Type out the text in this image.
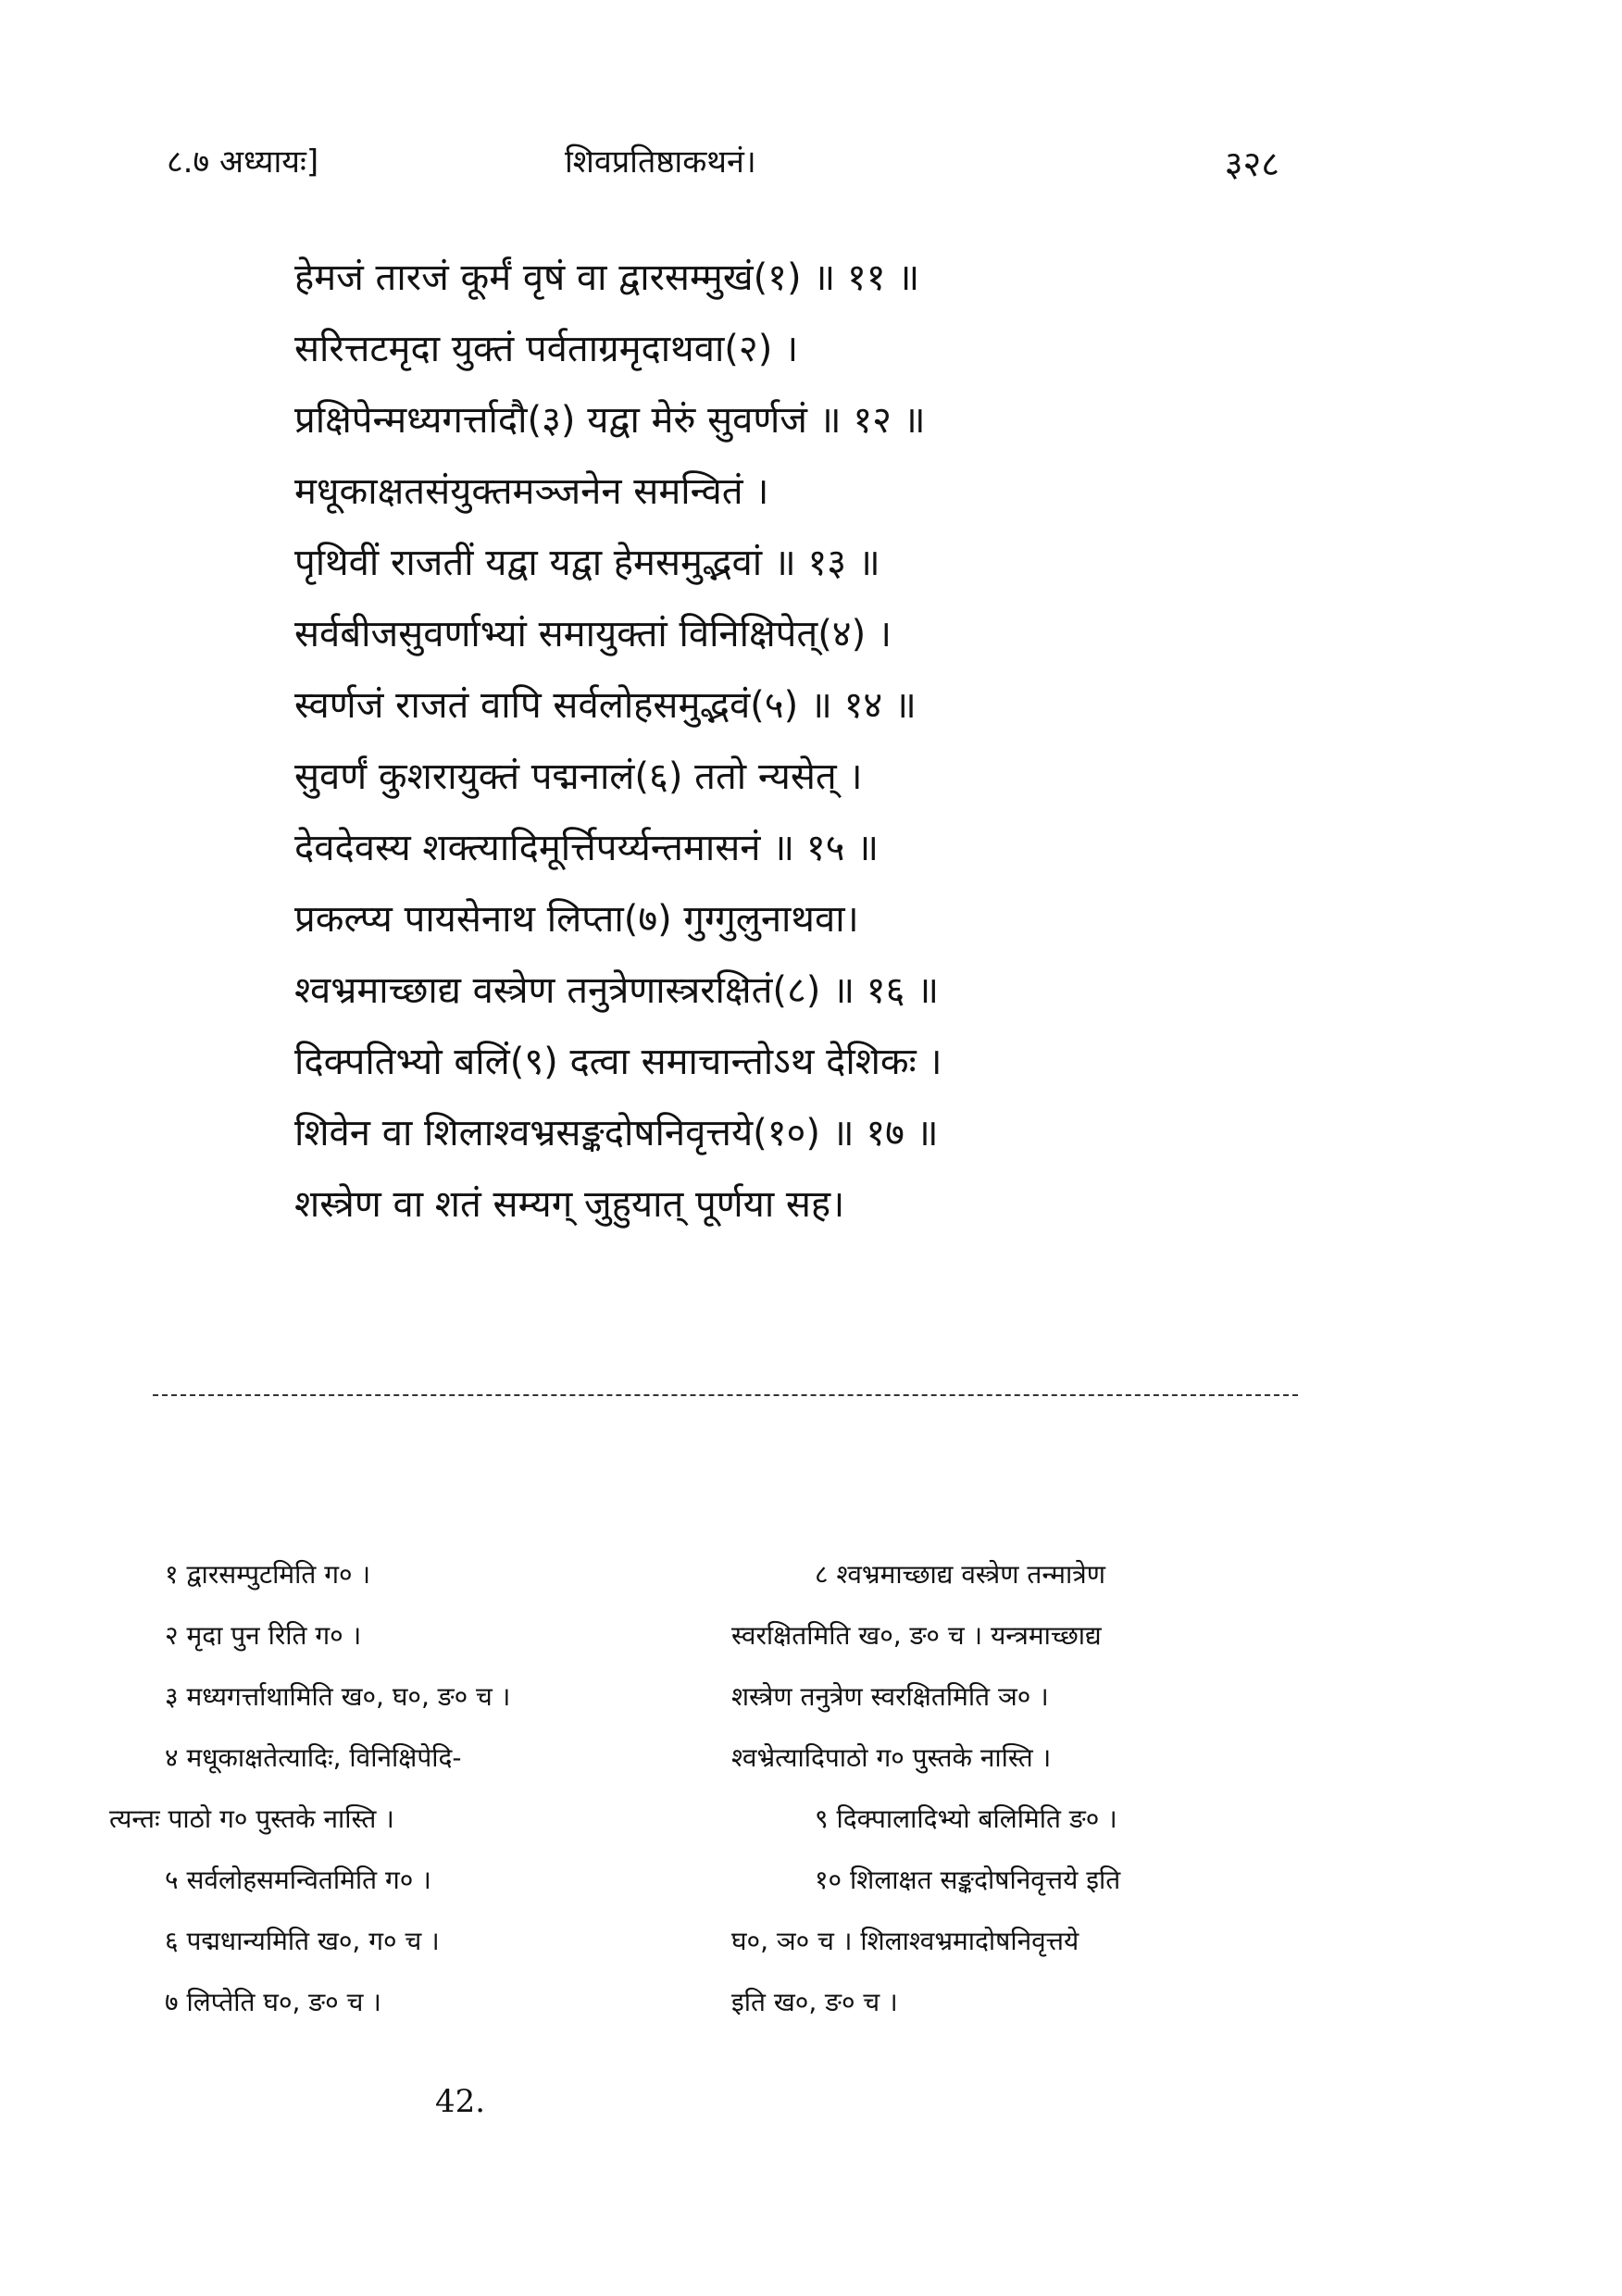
८.७ अध्यायः]	शिवप्रतिष्ठाकथनं।	३२८
हेमजं तारजं कूर्मं वृषं वा द्वारसम्मुखं(१) ॥ ११ ॥
सरित्तटमृदा युक्तं पर्वताग्रमृदाथवा(२) ।
प्रक्षिपेन्मध्यगर्त्तादौ(३) यद्वा मेरुं सुवर्णजं ॥ १२ ॥
मधूकाक्षतसंयुक्तमञ्जनेन समन्वितं ।
पृथिवीं राजतीं यद्वा यद्वा हेमसमुद्भवां ॥ १३ ॥
सर्वबीजसुवर्णाभ्यां समायुक्तां विनिक्षिपेत्(४) ।
स्वर्णजं राजतं वापि सर्वलोहसमुद्भवं(५) ॥ १४ ॥
सुवर्णं कुशरायुक्तं पद्मनालं(६) ततो न्यसेत् ।
देवदेवस्य शक्त्यादिमूर्त्तिपर्य्यन्तमासनं ॥ १५ ॥
प्रकल्प्य पायसेनाथ लिप्ता(७) गुग्गुलुनाथवा।
श्वभ्रमाच्छाद्य वस्त्रेण तनुत्रेणास्त्ररक्षितं(८) ॥ १६ ॥
दिक्पतिभ्यो बलिं(९) दत्वा समाचान्तोऽथ देशिकः ।
शिवेन वा शिलाश्वभ्रसङ्कदोषनिवृत्तये(१०) ॥ १७ ॥
शस्त्रेण वा शतं सम्यग् जुहुयात् पूर्णया सह।
१ द्वारसम्पुटमिति ग० ।
२ मृदा पुन रिति ग० ।
३ मध्यगर्त्ताथामिति ख०, घ०, ङ० च ।
४ मधूकाक्षतेत्यादिः, विनिक्षिपेदि-
त्यन्तः पाठो ग० पुस्तके नास्ति ।
५ सर्वलोहसमन्वितमिति ग० ।
६ पद्मधान्यमिति ख०, ग० च ।
७ लिप्तेति घ०, ङ० च ।
८ श्वभ्रमाच्छाद्य वस्त्रेण तन्मात्रेण
स्वरक्षितमिति ख०, ङ० च । यन्त्रमाच्छाद्य
शस्त्रेण तनुत्रेण स्वरक्षितमिति ञ० ।
श्वभ्रेत्यादिपाठो ग० पुस्तके नास्ति ।
९ दिक्पालादिभ्यो बलिमिति ङ० ।
१० शिलाक्षत सङ्कदोषनिवृत्तये इति
घ०, ञ० च । शिलाश्वभ्रमादोषनिवृत्तये
इति ख०, ङ० च ।
42.
